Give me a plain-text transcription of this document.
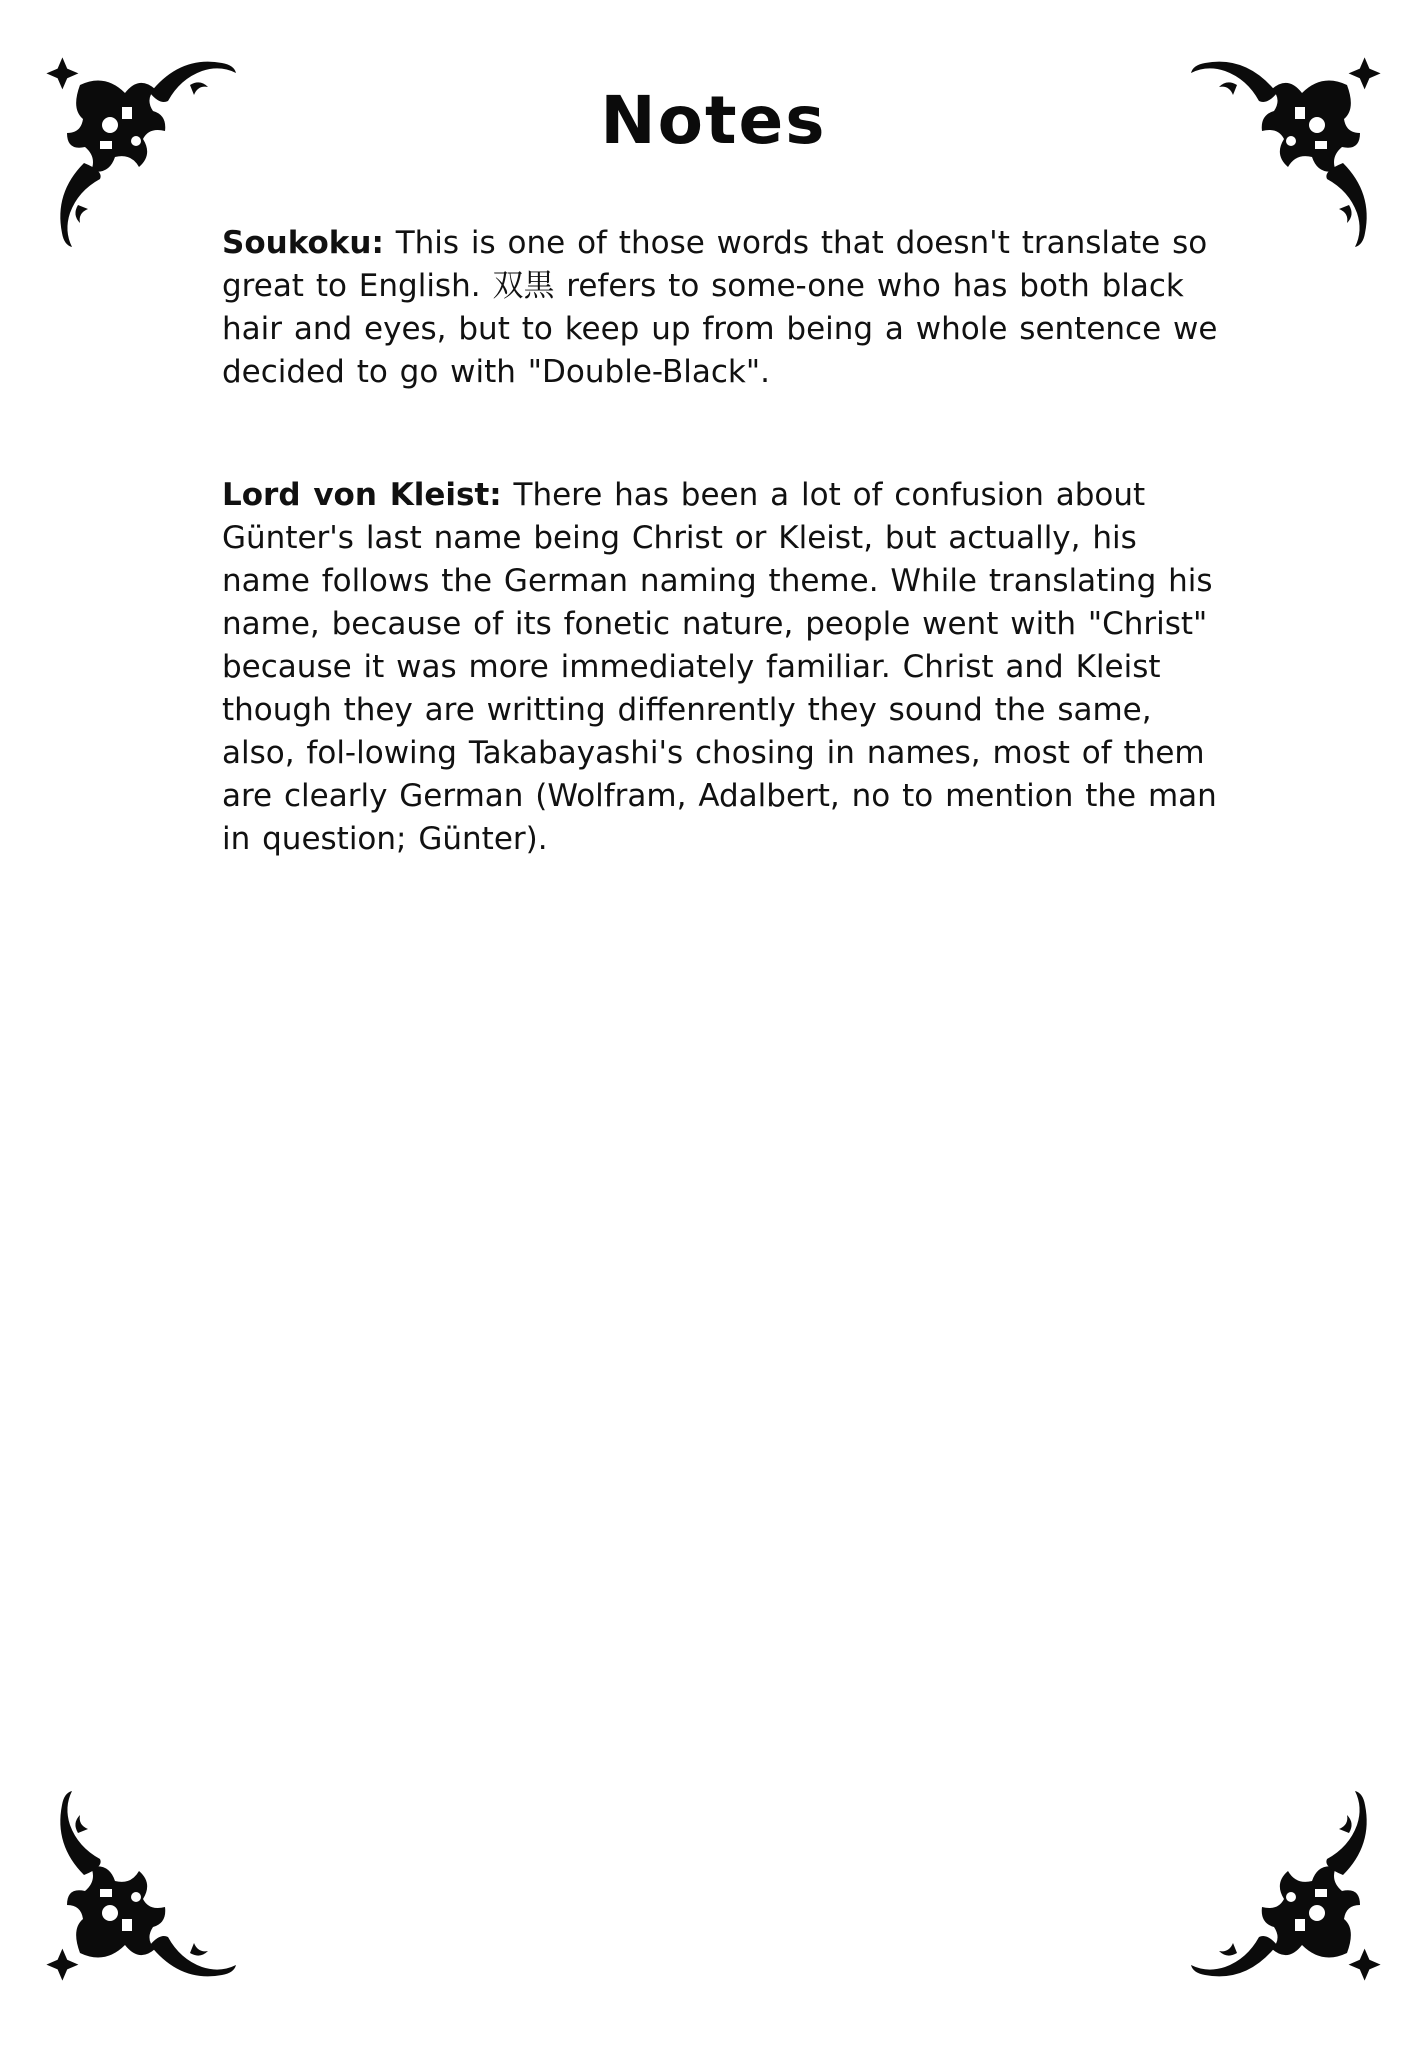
Notes

Soukoku: This is one of those words that doesn't translate so great to English. 双黒 refers to some-one who has both black hair and eyes, but to keep up from being a whole sentence we decided to go with "Double-Black".

Lord von Kleist: There has been a lot of confusion about Günter's last name being Christ or Kleist, but actually, his name follows the German naming theme. While translating his name, because of its fonetic nature, people went with "Christ" because it was more immediately familiar. Christ and Kleist though they are writting diffenrently they sound the same, also, fol-lowing Takabayashi's chosing in names, most of them are clearly German (Wolfram, Adalbert, no to mention the man in question; Günter).
